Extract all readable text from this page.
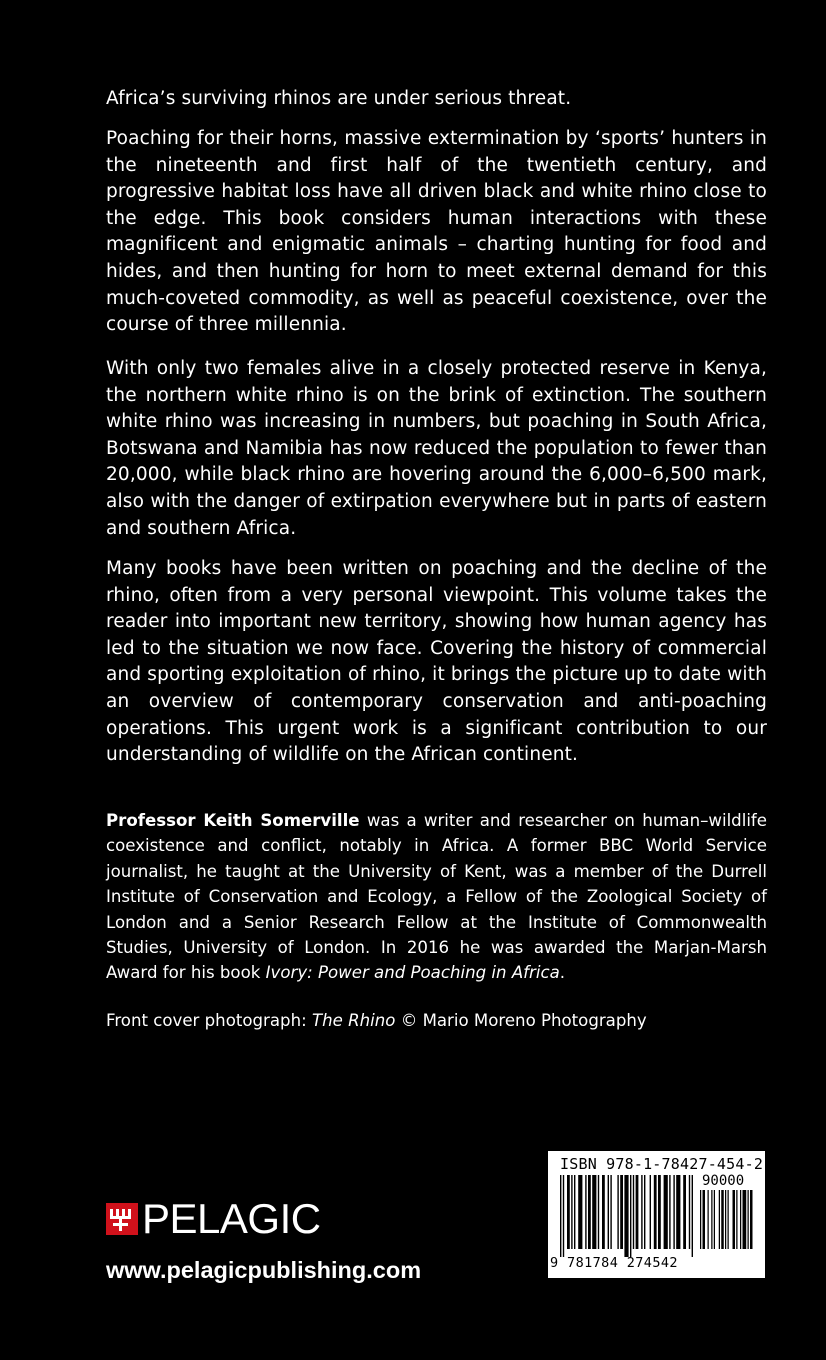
Africa’s surviving rhinos are under serious threat.

Poaching for their horns, massive extermination by ‘sports’ hunters in the nineteenth and first half of the twentieth century, and progressive habitat loss have all driven black and white rhino close to the edge. This book considers human interactions with these magnificent and enigmatic animals – charting hunting for food and hides, and then hunting for horn to meet external demand for this much-coveted commodity, as well as peaceful coexistence, over the course of three millennia.

With only two females alive in a closely protected reserve in Kenya, the northern white rhino is on the brink of extinction. The southern white rhino was increasing in numbers, but poaching in South Africa, Botswana and Namibia has now reduced the population to fewer than 20,000, while black rhino are hovering around the 6,000–6,500 mark, also with the danger of extirpation everywhere but in parts of eastern and southern Africa.

Many books have been written on poaching and the decline of the rhino, often from a very personal viewpoint. This volume takes the reader into important new territory, showing how human agency has led to the situation we now face. Covering the history of commercial and sporting exploitation of rhino, it brings the picture up to date with an overview of contemporary conservation and anti-poaching operations. This urgent work is a significant contribution to our understanding of wildlife on the African continent.

Professor Keith Somerville was a writer and researcher on human–wildlife coexistence and conflict, notably in Africa. A former BBC World Service journalist, he taught at the University of Kent, was a member of the Durrell Institute of Conservation and Ecology, a Fellow of the Zoological Society of London and a Senior Research Fellow at the Institute of Commonwealth Studies, University of London. In 2016 he was awarded the Marjan-Marsh Award for his book Ivory: Power and Poaching in Africa.

Front cover photograph: The Rhino © Mario Moreno Photography

PELAGIC
www.pelagicpublishing.com
ISBN 978-1-78427-454-2
90000
9 781784 274542
